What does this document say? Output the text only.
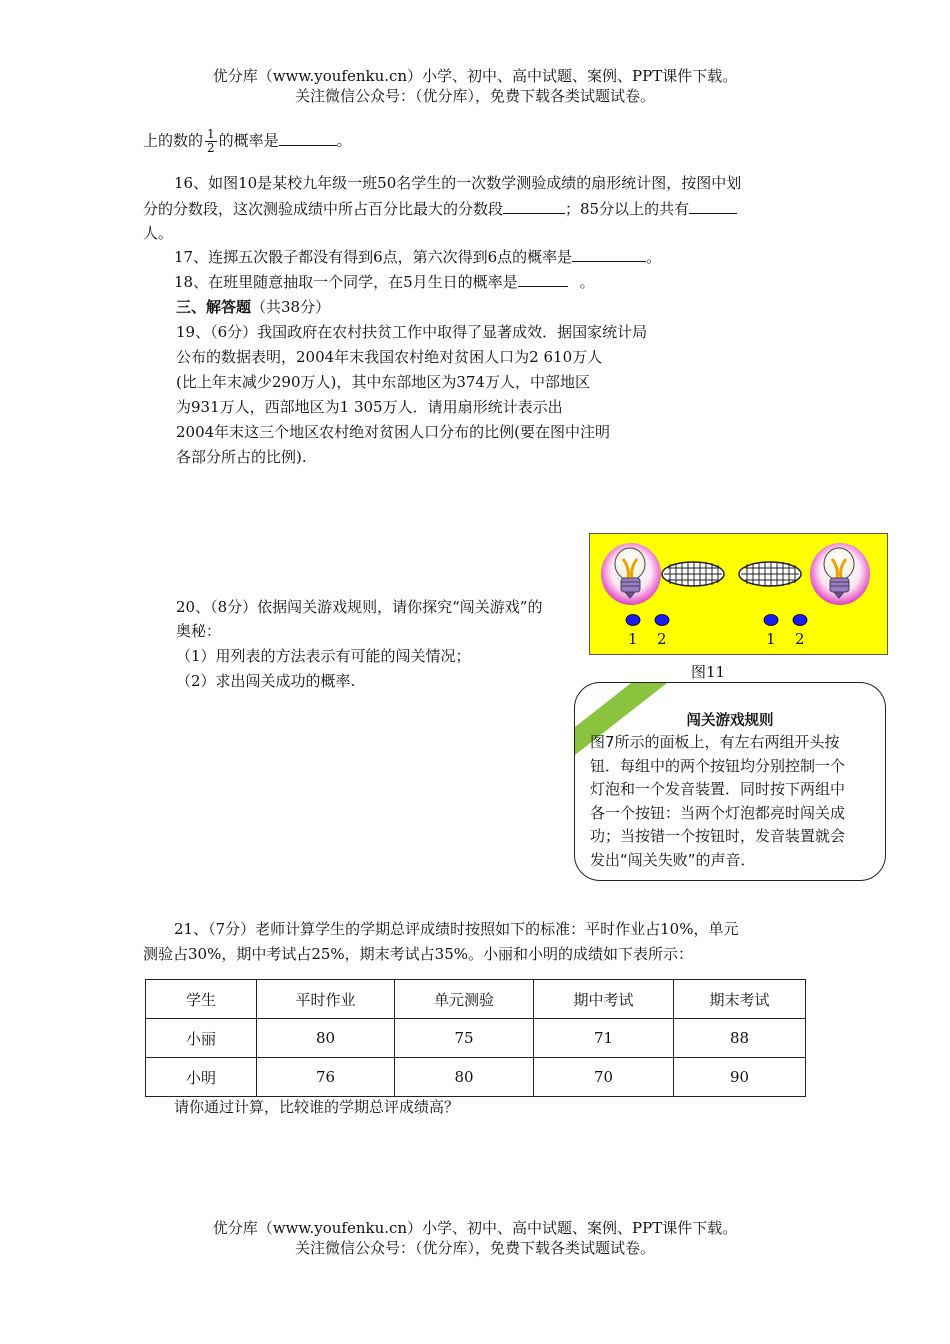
优分库（www.youfenku.cn）小学、初中、高中试题、案例、PPT课件下载。
关注微信公众号：（优分库），免费下载各类试题试卷。
上的数的 $\frac{1}{2}$ 的概率是	。
16、如图10是某校九年级一班50名学生的一次数学测验成绩的扇形统计图，按图中划
分的分数段，这次测验成绩中所占百分比最大的分数段	；85分以上的共有
人。
17、连掷五次骰子都没有得到6点，第六次得到6点的概率是	。
18、在班里随意抽取一个同学，在5月生日的概率是	。
三、解答题（共38分）
19、（6分）我国政府在农村扶贫工作中取得了显著成效．据国家统计局
公布的数据表明，2004年末我国农村绝对贫困人口为2 610万人
(比上年末减少290万人)，其中东部地区为374万人，中部地区
为931万人，西部地区为1 305万人．请用扇形统计表示出
2004年末这三个地区农村绝对贫困人口分布的比例(要在图中注明
各部分所占的比例).
20、（8分）依据闯关游戏规则，请你探究“闯关游戏”的
奥秘：
（1）用列表的方法表示有可能的闯关情况；
（2）求出闯关成功的概率.
1 2	1 2
图11
闯关游戏规则
图7所示的面板上，有左右两组开头按
钮．每组中的两个按钮均分别控制一个
灯泡和一个发音装置．同时按下两组中
各一个按钮：当两个灯泡都亮时闯关成
功；当按错一个按钮时，发音装置就会
发出“闯关失败”的声音．
21、（7分）老师计算学生的学期总评成绩时按照如下的标准：平时作业占10%，单元
测验占30%，期中考试占25%，期末考试占35%。小丽和小明的成绩如下表所示：
学生	平时作业	单元测验	期中考试	期末考试
小丽	80	75	71	88
小明	76	80	70	90
请你通过计算，比较谁的学期总评成绩高？
优分库（www.youfenku.cn）小学、初中、高中试题、案例、PPT课件下载。
关注微信公众号：（优分库），免费下载各类试题试卷。
